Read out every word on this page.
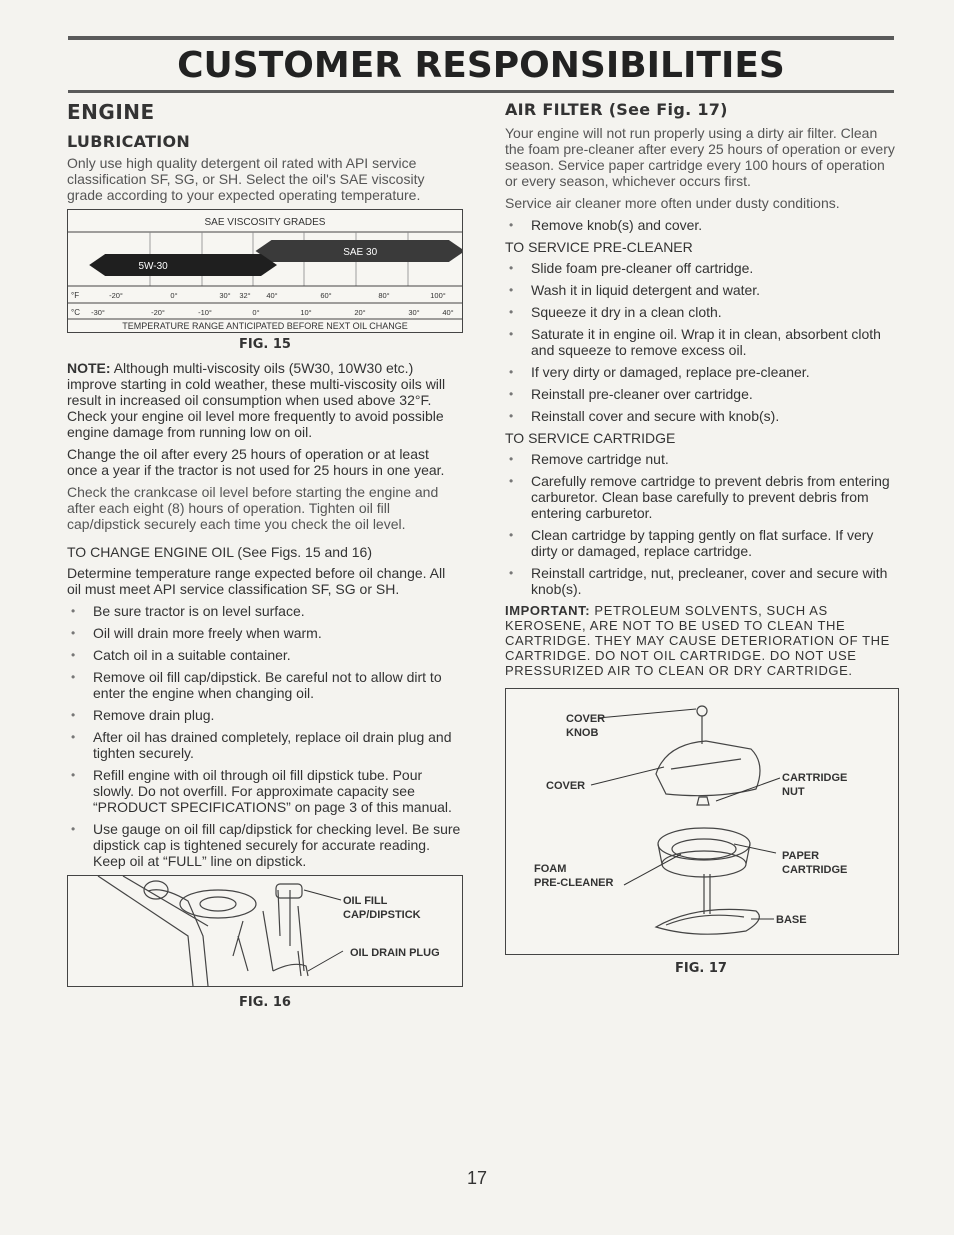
CUSTOMER RESPONSIBILITIES
ENGINE
LUBRICATION

Only use high quality detergent oil rated with API service classification SF, SG, or SH. Select the oil's SAE viscosity grade according to your expected operating temperature.

SAE VISCOSITY GRADES
SAE 30
5W-30
°F	-20°	0°	30° 32° 40°	60°	80°	100°
°C -30°	-20°	-10°	0°	10°	20°	30°	40°
TEMPERATURE RANGE ANTICIPATED BEFORE NEXT OIL CHANGE
FIG. 15

NOTE: Although multi-viscosity oils (5W30, 10W30 etc.) improve starting in cold weather, these multi-viscosity oils will result in increased oil consumption when used above 32°F. Check your engine oil level more frequently to avoid possible engine damage from running low on oil.

Change the oil after every 25 hours of operation or at least once a year if the tractor is not used for 25 hours in one year.

Check the crankcase oil level before starting the engine and after each eight (8) hours of operation. Tighten oil fill cap/dipstick securely each time you check the oil level.

TO CHANGE ENGINE OIL (See Figs. 15 and 16)

Determine temperature range expected before oil change. All oil must meet API service classification SF, SG or SH.

• Be sure tractor is on level surface.
• Oil will drain more freely when warm.
• Catch oil in a suitable container.
• Remove oil fill cap/dipstick. Be careful not to allow dirt to enter the engine when changing oil.
• Remove drain plug.
• After oil has drained completely, replace oil drain plug and tighten securely.
• Refill engine with oil through oil fill dipstick tube. Pour slowly. Do not overfill. For approximate capacity see “PRODUCT SPECIFICATIONS” on page 3 of this manual.
• Use gauge on oil fill cap/dipstick for checking level. Be sure dipstick cap is tightened securely for accurate reading. Keep oil at “FULL” line on dipstick.
OIL FILL
CAP/DIPSTICK
OIL DRAIN PLUG
FIG. 16
AIR FILTER (See Fig. 17)

Your engine will not run properly using a dirty air filter. Clean the foam pre-cleaner after every 25 hours of operation or every season. Service paper cartridge every 100 hours of operation or every season, whichever occurs first.

Service air cleaner more often under dusty conditions.

• Remove knob(s) and cover.

TO SERVICE PRE-CLEANER

• Slide foam pre-cleaner off cartridge.
• Wash it in liquid detergent and water.
• Squeeze it dry in a clean cloth.
• Saturate it in engine oil. Wrap it in clean, absorbent cloth and squeeze to remove excess oil.
• If very dirty or damaged, replace pre-cleaner.
• Reinstall pre-cleaner over cartridge.
• Reinstall cover and secure with knob(s).

TO SERVICE CARTRIDGE

• Remove cartridge nut.
• Carefully remove cartridge to prevent debris from entering carburetor. Clean base carefully to prevent debris from entering carburetor.
• Clean cartridge by tapping gently on flat surface. If very dirty or damaged, replace cartridge.
• Reinstall cartridge, nut, precleaner, cover and secure with knob(s).

IMPORTANT: PETROLEUM SOLVENTS, SUCH AS KEROSENE, ARE NOT TO BE USED TO CLEAN THE CARTRIDGE. THEY MAY CAUSE DETERIORATION OF THE CARTRIDGE. DO NOT OIL CARTRIDGE. DO NOT USE PRESSURIZED AIR TO CLEAN OR DRY CARTRIDGE.

COVER
KNOB
COVER
CARTRIDGE
NUT
FOAM
PRE-CLEANER
PAPER
CARTRIDGE
BASE
FIG. 17
17
